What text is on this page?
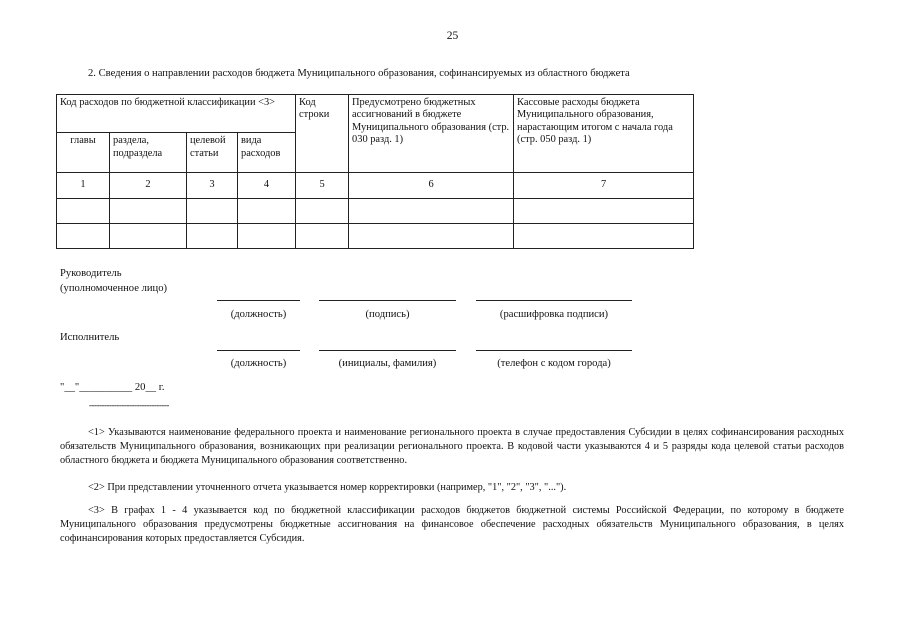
25
2. Сведения о направлении расходов бюджета Муниципального образования, софинансируемых из областного бюджета
Код расходов по бюджетной классификации <3>				Код строки	Предусмотрено бюджетных ассигнований в бюджете Муниципального образования (стр. 030 разд. 1)	Кассовые расходы бюджета Муниципального образования, нарастающим итогом с начала года (стр. 050 разд. 1)
главы	раздела, подраздела	целевой статьи	вида расходов			
1	2	3	4	5	6	7

Руководитель
(уполномоченное лицо)
(должность)	(подпись)	(расшифровка подписи)
Исполнитель
(должность)	(инициалы, фамилия)	(телефон с кодом города)
"__"__________ 20__ г.
--------------------------------

<1> Указываются наименование федерального проекта и наименование регионального проекта в случае предоставления Субсидии в целях софинансирования расходных обязательств Муниципального образования, возникающих при реализации регионального проекта. В кодовой части указываются 4 и 5 разряды кода целевой статьи расходов областного бюджета и бюджета Муниципального образования соответственно.

<2> При представлении уточненного отчета указывается номер корректировки (например, "1", "2", "3", "...").

<3> В графах 1 - 4 указывается код по бюджетной классификации расходов бюджетов бюджетной системы Российской Федерации, по которому в бюджете Муниципального образования предусмотрены бюджетные ассигнования на финансовое обеспечение расходных обязательств Муниципального образования, в целях софинансирования которых предоставляется Субсидия.
